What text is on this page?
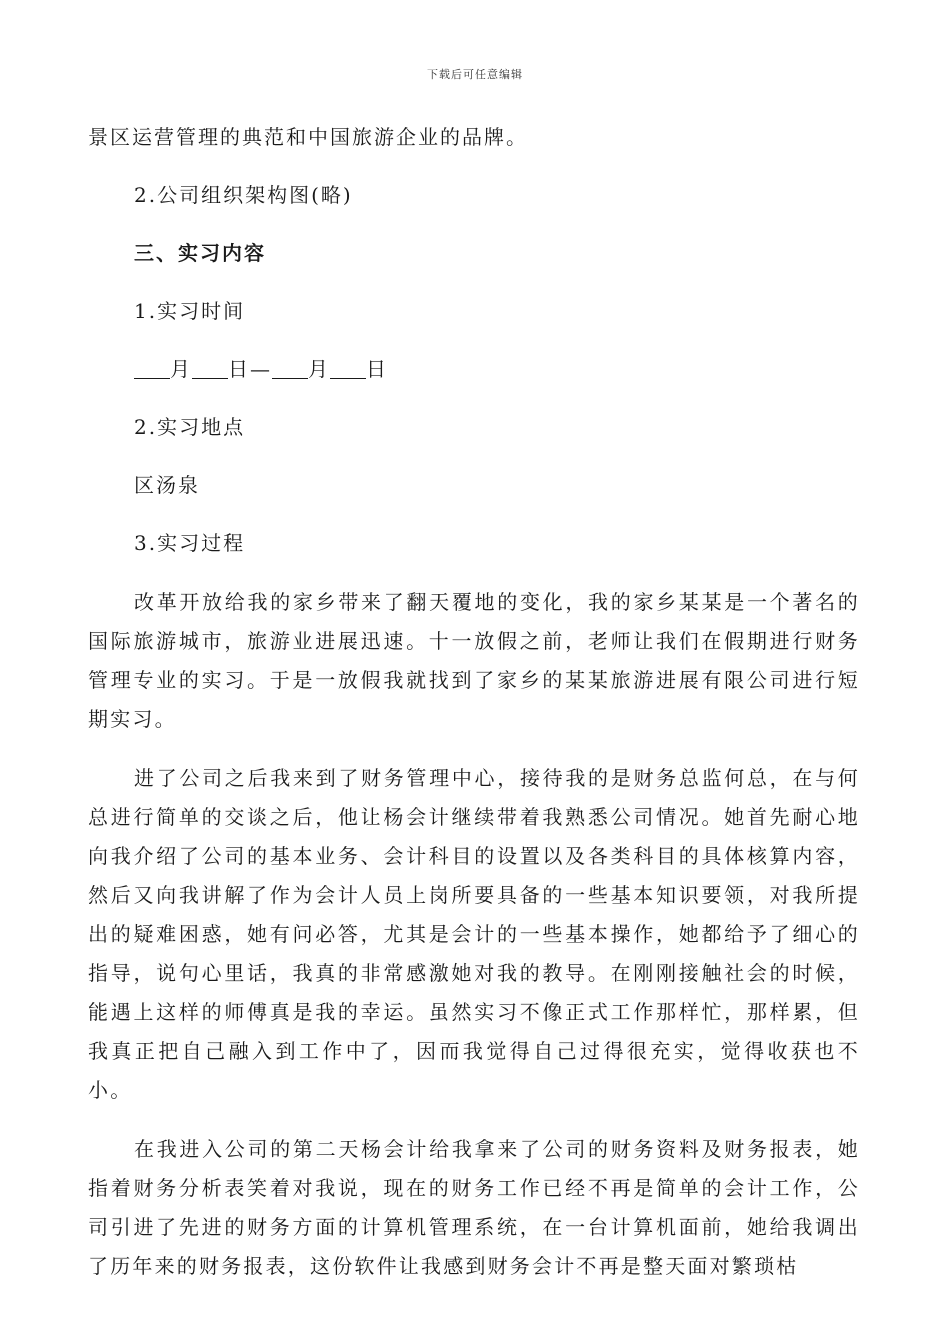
下载后可任意编辑
景区运营管理的典范和中国旅游企业的品牌。
2.公司组织架构图(略)
三、实习内容
1.实习时间
月 日— 月 日
2.实习地点
区汤泉
3.实习过程

改革开放给我的家乡带来了翻天覆地的变化，我的家乡某某是一个著名的国际旅游城市，旅游业进展迅速。十一放假之前，老师让我们在假期进行财务管理专业的实习。于是一放假我就找到了家乡的某某旅游进展有限公司进行短期实习。

进了公司之后我来到了财务管理中心，接待我的是财务总监何总，在与何总进行简单的交谈之后，他让杨会计继续带着我熟悉公司情况。她首先耐心地向我介绍了公司的基本业务、会计科目的设置以及各类科目的具体核算内容，然后又向我讲解了作为会计人员上岗所要具备的一些基本知识要领，对我所提出的疑难困惑，她有问必答，尤其是会计的一些基本操作，她都给予了细心的指导，说句心里话，我真的非常感激她对我的教导。在刚刚接触社会的时候，能遇上这样的师傅真是我的幸运。虽然实习不像正式工作那样忙，那样累，但我真正把自己融入到工作中了，因而我觉得自己过得很充实，觉得收获也不小。

在我进入公司的第二天杨会计给我拿来了公司的财务资料及财务报表，她指着财务分析表笑着对我说，现在的财务工作已经不再是简单的会计工作，公司引进了先进的财务方面的计算机管理系统，在一台计算机面前，她给我调出了历年来的财务报表，这份软件让我感到财务会计不再是整天面对繁琐枯
